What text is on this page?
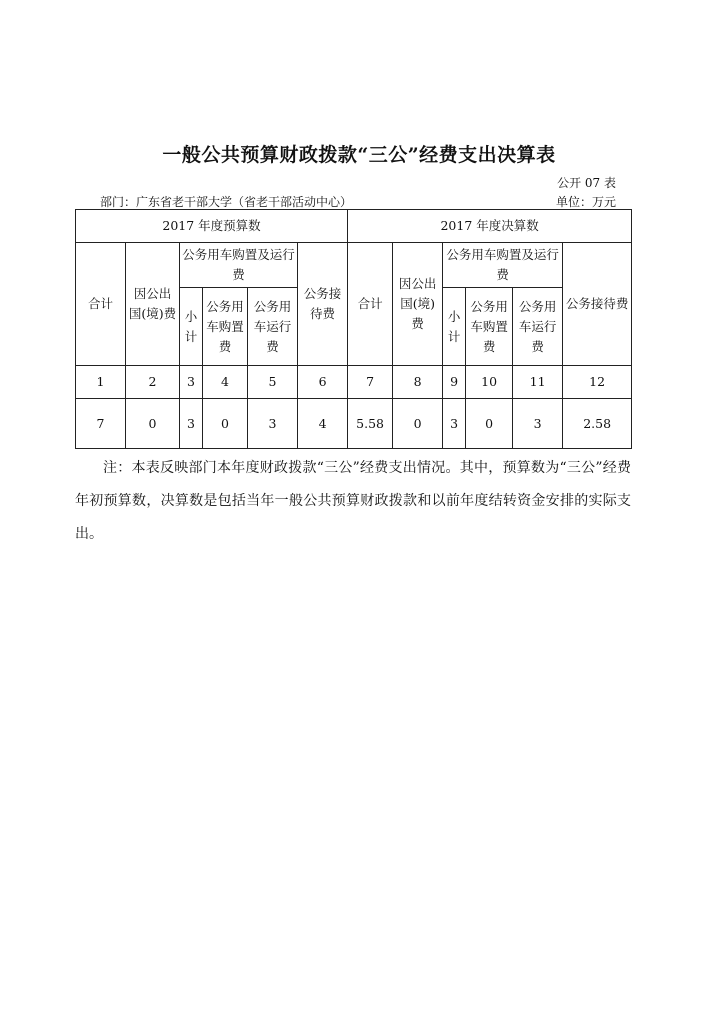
一般公共预算财政拨款“三公”经费支出决算表
公开 07 表
部门：广东省老干部大学（省老干部活动中心）	单位：万元
2017 年度预算数						2017 年度决算数					
合计	因公出国(境)费	公务用车购置及运行费			公务接待费	合计	因公出国(境)费	公务用车购置及运行费			公务接待费
		小计	公务用车购置费	公务用车运行费				小计	公务用车购置费	公务用车运行费	
1	2	3	4	5	6	7	8	9	10	11	12
7	0	3	0	3	4	5.58	0	3	0	3	2.58
注：本表反映部门本年度财政拨款“三公”经费支出情况。其中，预算数为“三公”经费年初预算数，决算数是包括当年一般公共预算财政拨款和以前年度结转资金安排的实际支出。
